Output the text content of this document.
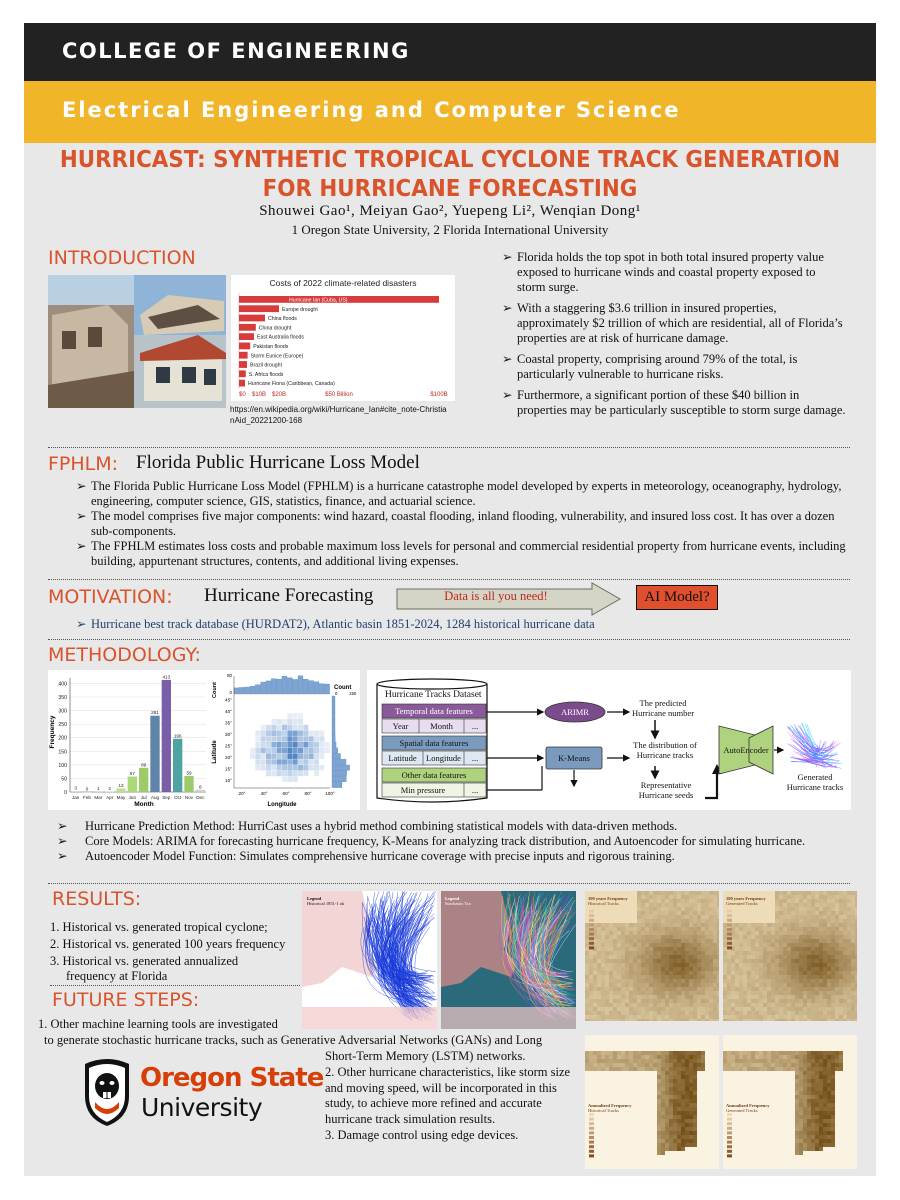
COLLEGE OF ENGINEERING
Electrical Engineering and Computer Science
HURRICAST: SYNTHETIC TROPICAL CYCLONE TRACK GENERATION
FOR HURRICANE FORECASTING
Shouwei Gao¹, Meiyan Gao², Yuepeng Li², Wenqian Dong¹
1 Oregon State University, 2 Florida International University
INTRODUCTION
Costs of 2022 climate-related disasters
Hurricane Ian (Cuba, US)
Europe drought
China floods
China drought
East Australia floods
Pakistan floods
Storm Eunice (Europe)
Brazil drought
S. Africa floods
Hurricane Fiona (Caribbean, Canada)
$0 $10B $20B	$50 Billion	$100B
https://en.wikipedia.org/wiki/Hurricane_Ian#cite_note-ChristianAid_20221200-168
➢ Florida holds the top spot in both total insured property value exposed to hurricane winds and coastal property exposed to storm surge.
➢ With a staggering $3.6 trillion in insured properties, approximately $2 trillion of which are residential, all of Florida’s properties are at risk of hurricane damage.
➢ Coastal property, comprising around 79% of the total, is particularly vulnerable to hurricane risks.
➢ Furthermore, a significant portion of these $40 billion in properties may be particularly susceptible to storm surge damage.
FPHLM: Florida Public Hurricane Loss Model
➢ The Florida Public Hurricane Loss Model (FPHLM) is a hurricane catastrophe model developed by experts in meteorology, oceanography, hydrology, engineering, computer science, GIS, statistics, finance, and actuarial science.
➢ The model comprises five major components: wind hazard, coastal flooding, inland flooding, vulnerability, and insured loss cost. It has over a dozen sub-components.
➢ The FPHLM estimates loss costs and probable maximum loss levels for personal and commercial residential property from hurricane events, including building, appurtenant structures, contents, and additional living expenses.
MOTIVATION: Hurricane Forecasting	Data is all you need!	AI Model?
➢ Hurricane best track database (HURDAT2), Atlantic basin 1851-2024, 1284 historical hurricane data
METHODOLOGY:
0
50
100
150
200
250
300
350
400
3
Jan
0
Feb
1
Mar
2
Apr
13
May
57
Jun
89
Jul
281
Aug
413
Sep
196
Oct
59
Nov
8
Dec
Frequency
Month
20°	40°	60°	80°	100°
10°
15°
20°
25°
30°
35°
40°
45°
0	150
0
80
Latitude
Longitude
Count	Count
Hurricane Tracks Dataset
Temporal data features
Year	Month	...
Spatial data features
Latitude	Longitude	...
Other data features
Min pressure	...
ARIMR
K-Means
The predicted Hurricane number
The distribution of Hurricane tracks
Representative Hurricane seeds
AutoEncoder
Generated Hurricane tracks
➢	Hurricane Prediction Method: HurriCast uses a hybrid method combining statistical models with data-driven methods.
➢	Core Models: ARIMA for forecasting hurricane frequency, K-Means for analyzing track distribution, and Autoencoder for simulating hurricane.
➢	Autoencoder Model Function: Simulates comprehensive hurricane coverage with precise inputs and rigorous training.
RESULTS:
1. Historical vs. generated tropical cyclone;
2. Historical vs. generated 100 years frequency
3. Historical vs. generated annualized
frequency at Florida
Legend
Historical 1851-1 ok
Legend
Stochastic Tra
100 years Frequency
Historical Tracks
100 years Frequency
Generated Tracks
Annualized Frequency
Historical Tracks
Annualized Frequency
Generated Tracks
FUTURE STEPS:
1. Other machine learning tools are investigated
to generate stochastic hurricane tracks, such as Generative Adversarial Networks (GANs) and Long
Short-Term Memory (LSTM) networks.
2. Other hurricane characteristics, like storm size and moving speed, will be incorporated in this study, to achieve more refined and accurate hurricane track simulation results.
3. Damage control using edge devices.
Oregon State
University
